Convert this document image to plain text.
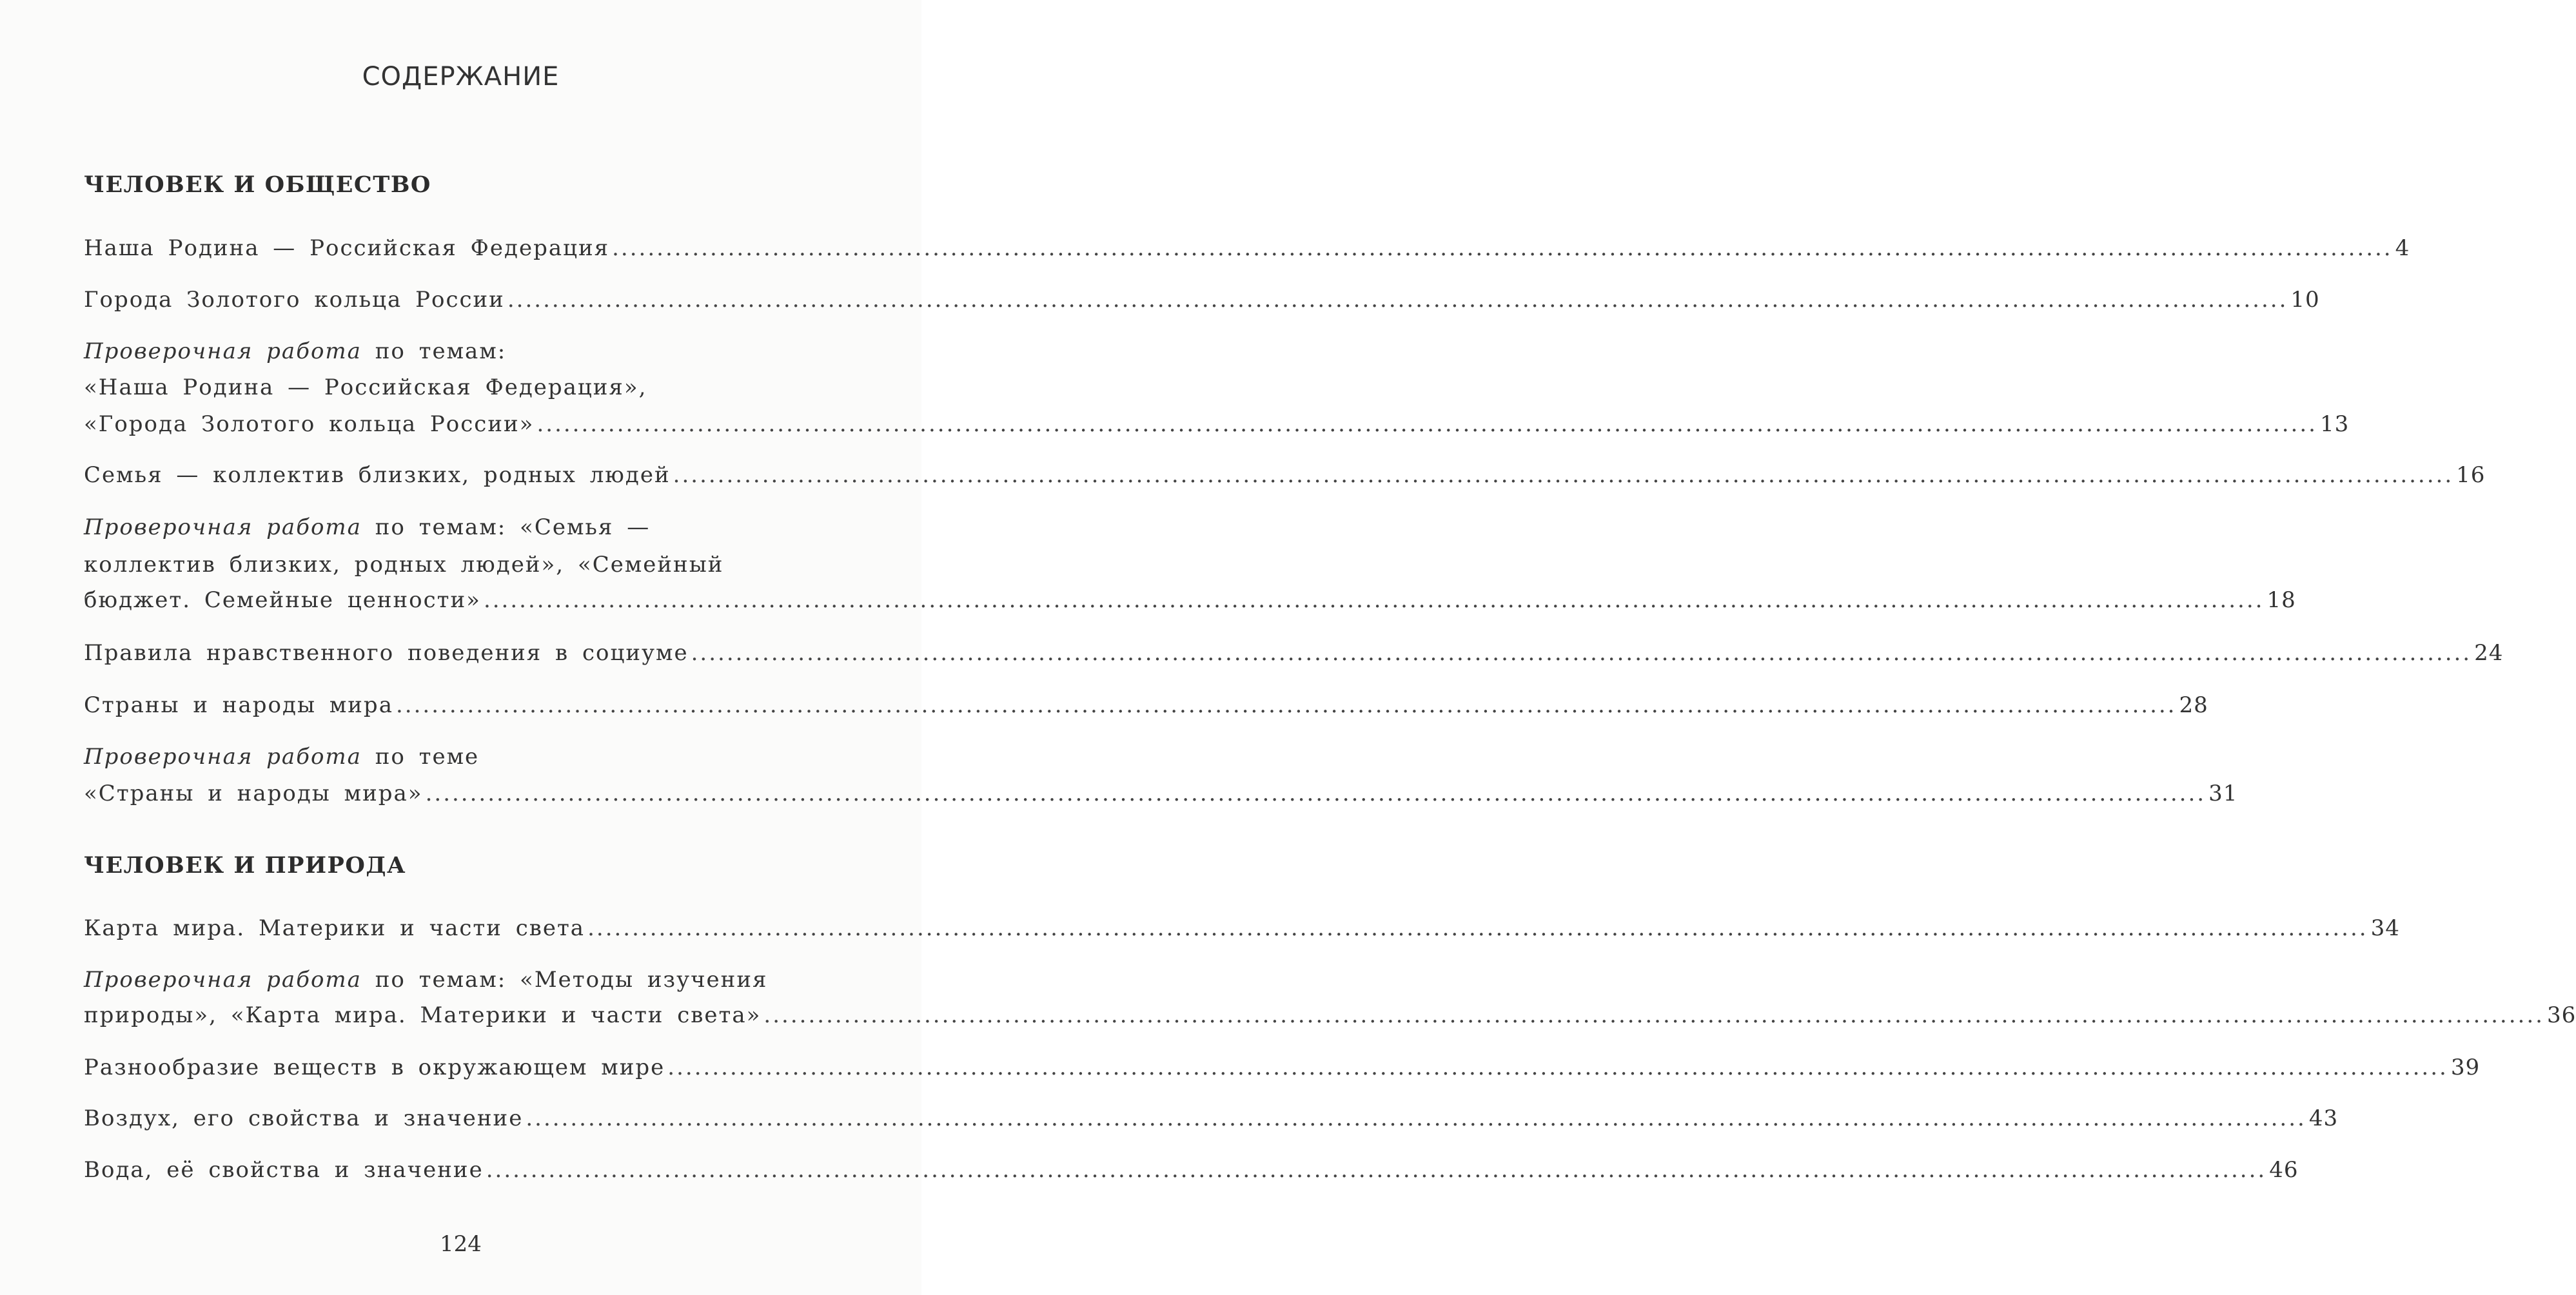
СОДЕРЖАНИЕ
ЧЕЛОВЕК И ОБЩЕСТВО
Наша Родина — Российская Федерация ........................................................................................................................................................................................................ 4
Города Золотого кольца России ........................................................................................................................................................................................................ 10
Проверочная работа по темам:
«Наша Родина — Российская Федерация»,
«Города Золотого кольца России» ........................................................................................................................................................................................................ 13
Семья — коллектив близких, родных людей ........................................................................................................................................................................................................ 16
Проверочная работа по темам: «Семья —
коллектив близких, родных людей», «Семейный
бюджет. Семейные ценности» ........................................................................................................................................................................................................ 18
Правила нравственного поведения в социуме ........................................................................................................................................................................................................ 24
Страны и народы мира ........................................................................................................................................................................................................ 28
Проверочная работа по теме
«Страны и народы мира» ........................................................................................................................................................................................................ 31
ЧЕЛОВЕК И ПРИРОДА
Карта мира. Материки и части света ........................................................................................................................................................................................................ 34
Проверочная работа по темам: «Методы изучения
природы», «Карта мира. Материки и части света» ........................................................................................................................................................................................................ 36
Разнообразие веществ в окружающем мире ........................................................................................................................................................................................................ 39
Воздух, его свойства и значение ........................................................................................................................................................................................................ 43
Вода, её свойства и значение ........................................................................................................................................................................................................ 46
124
